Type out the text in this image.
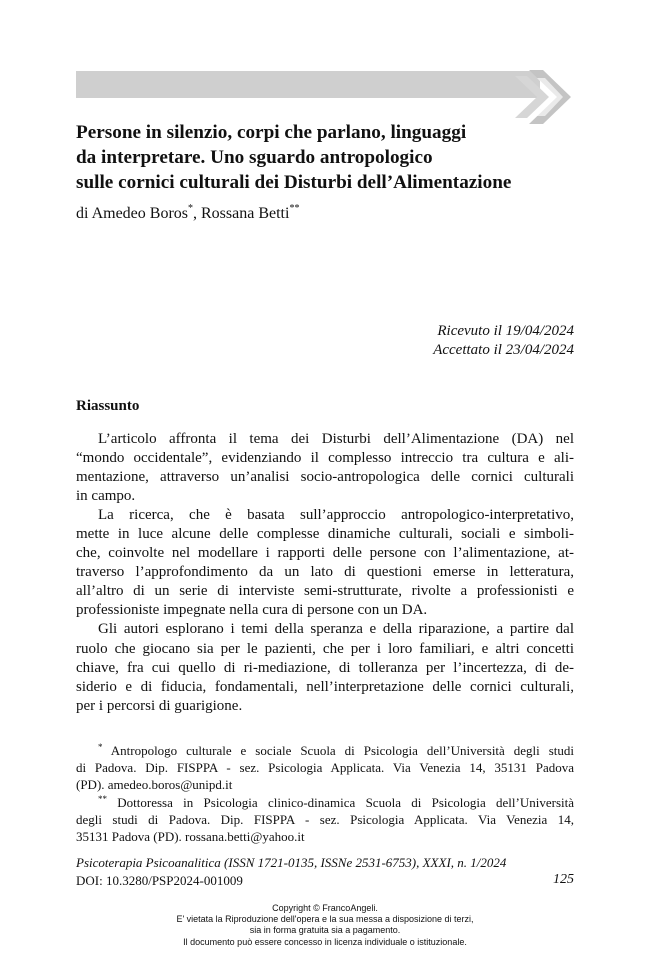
Persone in silenzio, corpi che parlano, linguaggi
da interpretare. Uno sguardo antropologico
sulle cornici culturali dei Disturbi dell’Alimentazione
di Amedeo Boros*, Rossana Betti**
Ricevuto il 19/04/2024
Accettato il 23/04/2024
Riassunto
L’articolo affronta il tema dei Disturbi dell’Alimentazione (DA) nel
“mondo occidentale”, evidenziando il complesso intreccio tra cultura e ali-
mentazione, attraverso un’analisi socio-antropologica delle cornici culturali
in campo.
La ricerca, che è basata sull’approccio antropologico-interpretativo,
mette in luce alcune delle complesse dinamiche culturali, sociali e simboli-
che, coinvolte nel modellare i rapporti delle persone con l’alimentazione, at-
traverso l’approfondimento da un lato di questioni emerse in letteratura,
all’altro di un serie di interviste semi-strutturate, rivolte a professionisti e
professioniste impegnate nella cura di persone con un DA.
Gli autori esplorano i temi della speranza e della riparazione, a partire dal
ruolo che giocano sia per le pazienti, che per i loro familiari, e altri concetti
chiave, fra cui quello di ri-mediazione, di tolleranza per l’incertezza, di de-
siderio e di fiducia, fondamentali, nell’interpretazione delle cornici culturali,
per i percorsi di guarigione.
* Antropologo culturale e sociale Scuola di Psicologia dell’Università degli studi
di Padova. Dip. FISPPA - sez. Psicologia Applicata. Via Venezia 14, 35131 Padova
(PD). amedeo.boros@unipd.it
** Dottoressa in Psicologia clinico-dinamica Scuola di Psicologia dell’Università
degli studi di Padova. Dip. FISPPA - sez. Psicologia Applicata. Via Venezia 14,
35131 Padova (PD). rossana.betti@yahoo.it
Psicoterapia Psicoanalitica (ISSN 1721-0135, ISSNe 2531-6753), XXXI, n. 1/2024
DOI: 10.3280/PSP2024-001009	125
Copyright © FrancoAngeli.
E' vietata la Riproduzione dell'opera e la sua messa a disposizione di terzi,
sia in forma gratuita sia a pagamento.
Il documento può essere concesso in licenza individuale o istituzionale.
